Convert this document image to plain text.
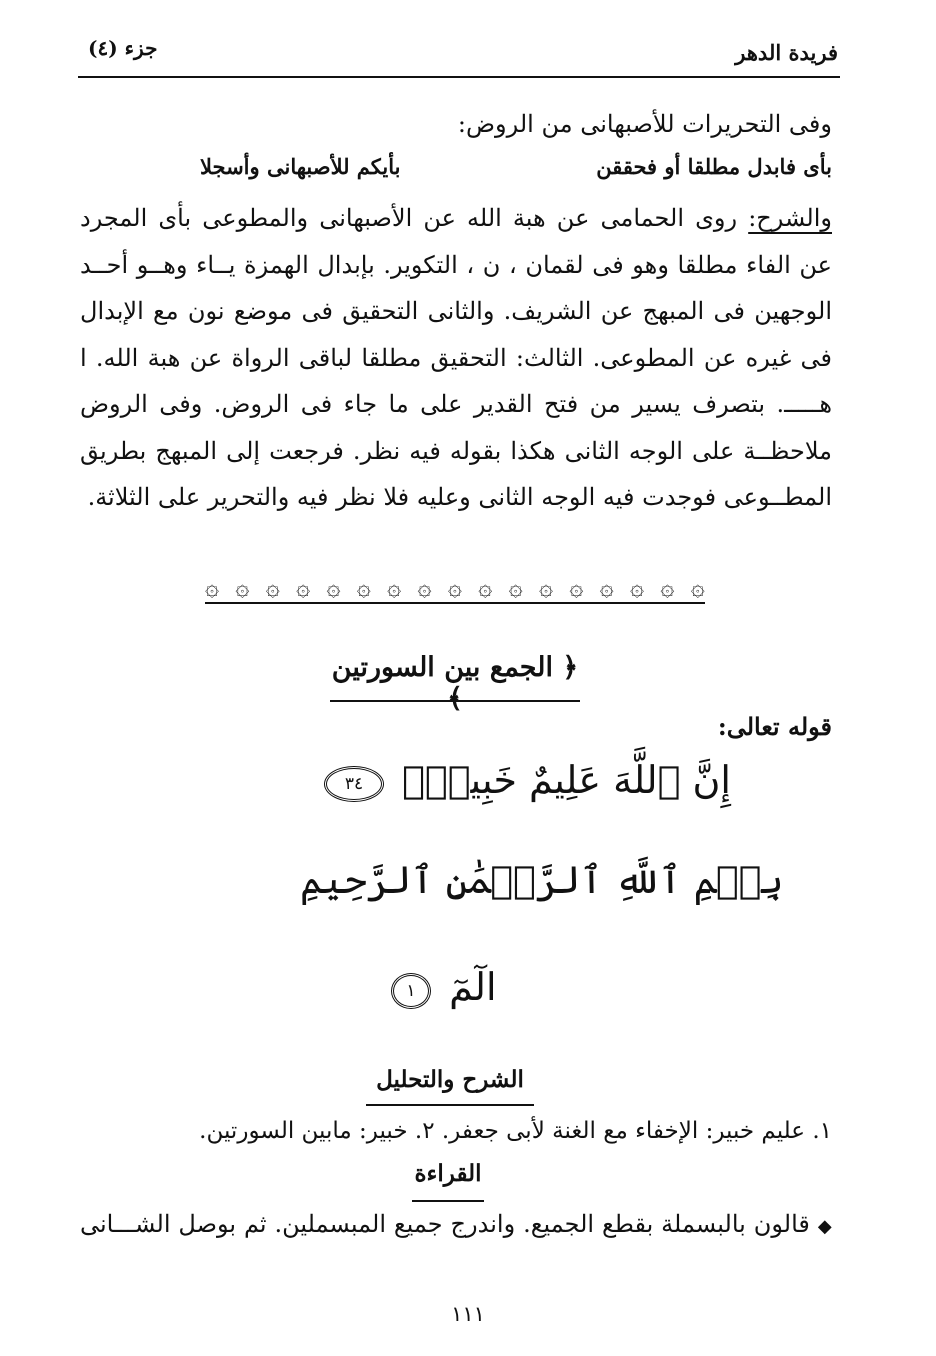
فريدة الدهر
جزء (٤)
وفى التحريرات للأصبهانى من الروض:
بأى فابدل مطلقا أو فحققن
بأيكم للأصبهانى وأسجلا
والشرح: روى الحمامى عن هبة الله عن الأصبهانى والمطوعى بأى المجرد عن الفاء مطلقا وهو فى لقمان ، ن ، التكوير. بإبدال الهمزة يــاء وهــو أحــد الوجهين فى المبهج عن الشريف. والثانى التحقيق فى موضع نون مع الإبدال فى غيره عن المطوعى. الثالث: التحقيق مطلقا لباقى الرواة عن هبة الله. ا هـــــ. بتصرف يسير من فتح القدير على ما جاء فى الروض. وفى الروض ملاحظــة على الوجه الثانى هكذا بقوله فيه نظر. فرجعت إلى المبهج بطريق المطــوعى فوجدت فيه الوجه الثانى وعليه فلا نظر فيه والتحرير على الثلاثة.
۞ ۞ ۞ ۞ ۞ ۞ ۞ ۞ ۞ ۞ ۞ ۞ ۞ ۞ ۞ ۞ ۞
﴿ الجمع بين السورتين ﴾
قوله تعالى:
إِنَّ ٱللَّهَ عَلِيمٌ خَبِيرٌۢ ٣٤
بِسۡمِ ٱللَّهِ ٱلرَّحۡمَٰنِ ٱلرَّحِيمِ
الٓمٓ ١
الشرح والتحليل
١. عليم خبير: الإخفاء مع الغنة لأبى جعفر. ٢. خبير: مابين السورتين.
القراءة
◆قالون بالبسملة بقطع الجميع. واندرج جميع المبسملين. ثم بوصل الشـــانى
١١١
